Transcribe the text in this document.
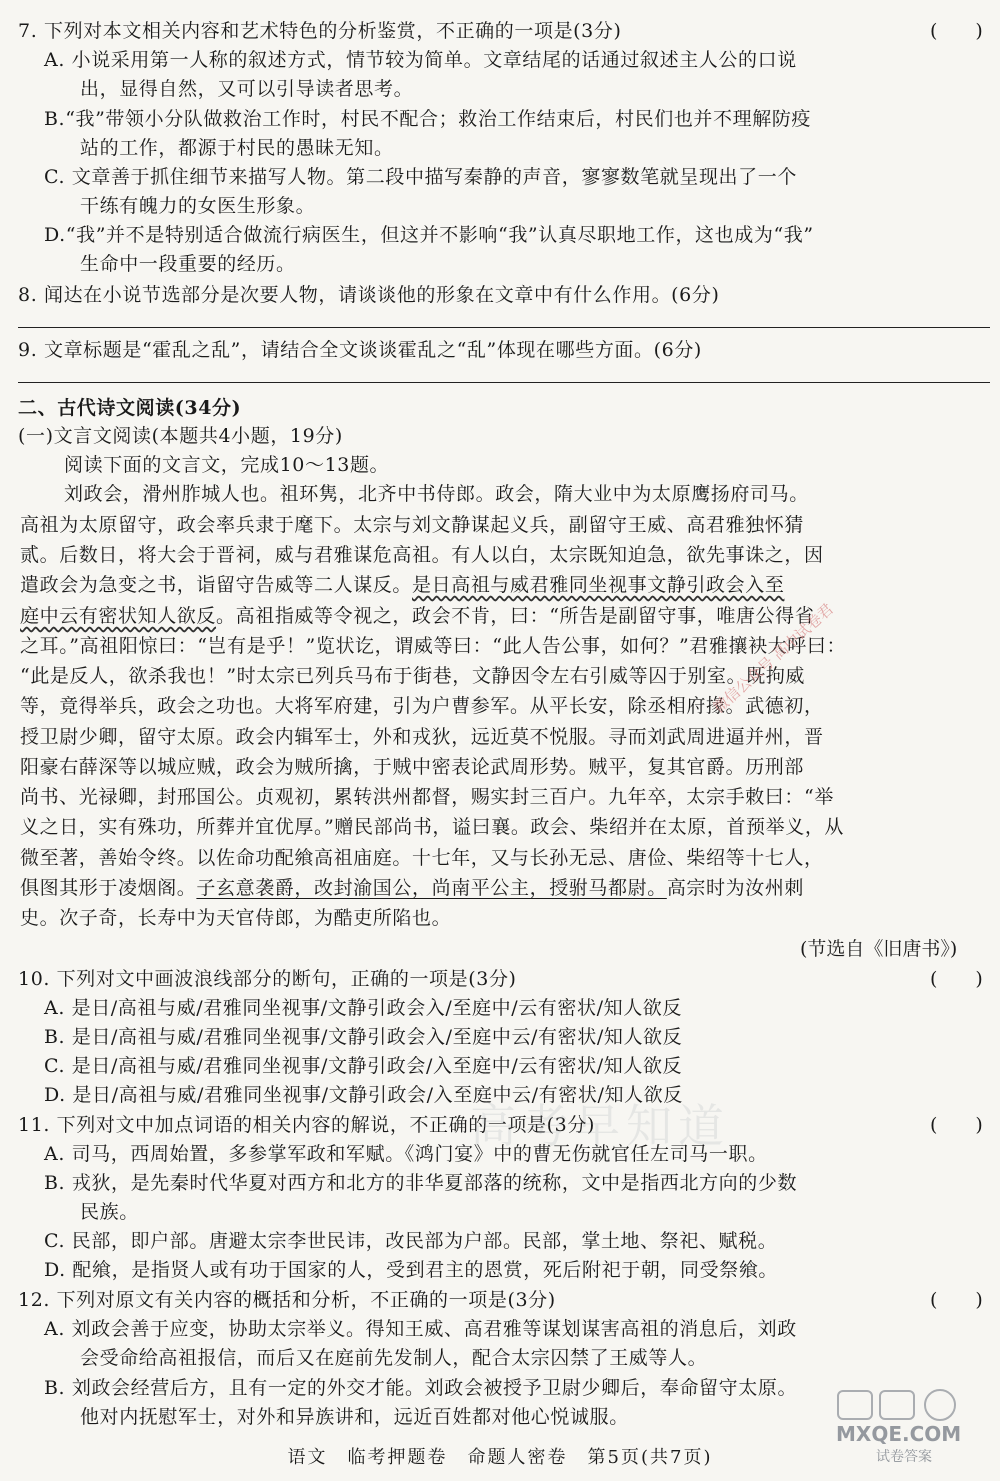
7. 下列对本文相关内容和艺术特色的分析鉴赏，不正确的一项是(3分)	(　　)
A. 小说采用第一人称的叙述方式，情节较为简单。文章结尾的话通过叙述主人公的口说
出，显得自然，又可以引导读者思考。
B.“我”带领小分队做救治工作时，村民不配合；救治工作结束后，村民们也并不理解防疫
站的工作，都源于村民的愚昧无知。
C. 文章善于抓住细节来描写人物。第二段中描写秦静的声音，寥寥数笔就呈现出了一个
干练有魄力的女医生形象。
D.“我”并不是特别适合做流行病医生，但这并不影响“我”认真尽职地工作，这也成为“我”
生命中一段重要的经历。
8. 闻达在小说节选部分是次要人物，请谈谈他的形象在文章中有什么作用。(6分)
9. 文章标题是“霍乱之乱”，请结合全文谈谈霍乱之“乱”体现在哪些方面。(6分)
二、古代诗文阅读(34分)
(一)文言文阅读(本题共4小题，19分)
阅读下面的文言文，完成10～13题。
刘政会，滑州胙城人也。祖环隽，北齐中书侍郎。政会，隋大业中为太原鹰扬府司马。
高祖为太原留守，政会率兵隶于麾下。太宗与刘文静谋起义兵，副留守王威、高君雅独怀猜
贰。后数日，将大会于晋祠，威与君雅谋危高祖。有人以白，太宗既知迫急，欲先事诛之，因
遣政会为急变之书，诣留守告威等二人谋反。是日高祖与威君雅同坐视事文静引政会入至
庭中云有密状知人欲反。高祖指威等令视之，政会不肯，曰：“所告是副留守事，唯唐公得省
之耳。”高祖阳惊曰：“岂有是乎！”览状讫，谓威等曰：“此人告公事，如何？”君雅攘袂大呼曰：
“此是反人，欲杀我也！”时太宗已列兵马布于街巷，文静因令左右引威等囚于别室。既拘威
等，竟得举兵，政会之功也。大将军府建，引为户曹参军。从平长安，除丞相府掾。武德初，
授卫尉少卿，留守太原。政会内辑军士，外和戎狄，远近莫不悦服。寻而刘武周进逼并州，晋
阳豪右薛深等以城应贼，政会为贼所擒，于贼中密表论武周形势。贼平，复其官爵。历刑部
尚书、光禄卿，封邢国公。贞观初，累转洪州都督，赐实封三百户。九年卒，太宗手敕曰：“举
义之日，实有殊功，所葬并宜优厚。”赠民部尚书，谥曰襄。政会、柴绍并在太原，首预举义，从
微至著，善始令终。以佐命功配飨高祖庙庭。十七年，又与长孙无忌、唐俭、柴绍等十七人，
俱图其形于凌烟阁。子玄意袭爵，改封渝国公，尚南平公主，授驸马都尉。高宗时为汝州刺
史。次子奇，长寿中为天官侍郎，为酷吏所陷也。
(节选自《旧唐书》)
10. 下列对文中画波浪线部分的断句，正确的一项是(3分)	(　　)
A. 是日/高祖与威/君雅同坐视事/文静引政会入/至庭中/云有密状/知人欲反
B. 是日/高祖与威/君雅同坐视事/文静引政会入/至庭中云/有密状/知人欲反
C. 是日/高祖与威/君雅同坐视事/文静引政会/入至庭中/云有密状/知人欲反
D. 是日/高祖与威/君雅同坐视事/文静引政会/入至庭中云/有密状/知人欲反
11. 下列对文中加点词语的相关内容的解说，不正确的一项是(3分)	(　　)
A. 司马，西周始置，多参掌军政和军赋。《鸿门宴》中的曹无伤就官任左司马一职。
B. 戎狄，是先秦时代华夏对西方和北方的非华夏部落的统称，文中是指西北方向的少数
民族。
C. 民部，即户部。唐避太宗李世民讳，改民部为户部。民部，掌土地、祭祀、赋税。
D. 配飨，是指贤人或有功于国家的人，受到君主的恩赏，死后附祀于朝，同受祭飨。
12. 下列对原文有关内容的概括和分析，不正确的一项是(3分)	(　　)
A. 刘政会善于应变，协助太宗举义。得知王威、高君雅等谋划谋害高祖的消息后，刘政
会受命给高祖报信，而后又在庭前先发制人，配合太宗囚禁了王威等人。
B. 刘政会经营后方，且有一定的外交才能。刘政会被授予卫尉少卿后，奉命留守太原。
他对内抚慰军士，对外和异族讲和，远近百姓都对他心悦诚服。
语文　临考押题卷　命题人密卷　第5页(共7页)
微信公众号 高中试卷君
高考早知道
MXQE.COM
试卷答案
